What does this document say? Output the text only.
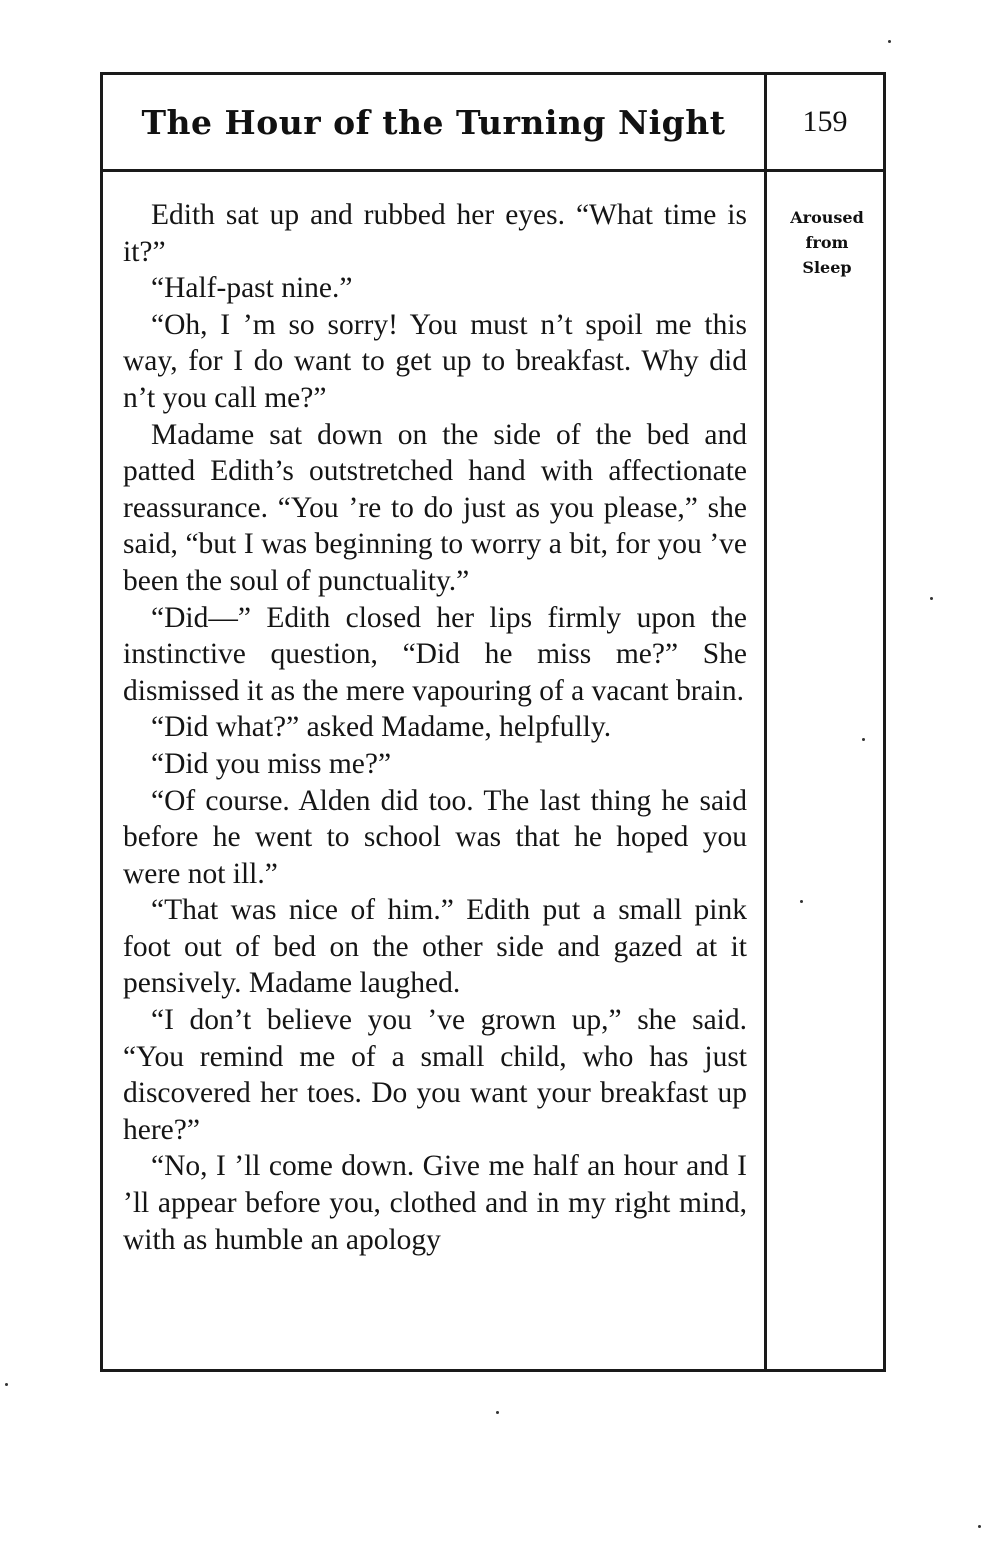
The Hour of the Turning Night	159

Edith sat up and rubbed her eyes. “What time is it?”

“Half-past nine.”

“Oh, I ’m so sorry! You must n’t spoil me this way, for I do want to get up to breakfast. Why did n’t you call me?”

Madame sat down on the side of the bed and patted Edith’s outstretched hand with affectionate reassurance. “You ’re to do just as you please,” she said, “but I was beginning to worry a bit, for you ’ve been the soul of punctuality.”

“Did—” Edith closed her lips firmly upon the instinctive question, “Did he miss me?” She dismissed it as the mere vapouring of a vacant brain.

“Did what?” asked Madame, helpfully.

“Did you miss me?”

“Of course. Alden did too. The last thing he said before he went to school was that he hoped you were not ill.”

“That was nice of him.” Edith put a small pink foot out of bed on the other side and gazed at it pensively. Madame laughed.

“I don’t believe you ’ve grown up,” she said. “You remind me of a small child, who has just discovered her toes. Do you want your breakfast up here?”

“No, I ’ll come down. Give me half an hour and I ’ll appear before you, clothed and in my right mind, with as humble an apology

Aroused
from
Sleep
